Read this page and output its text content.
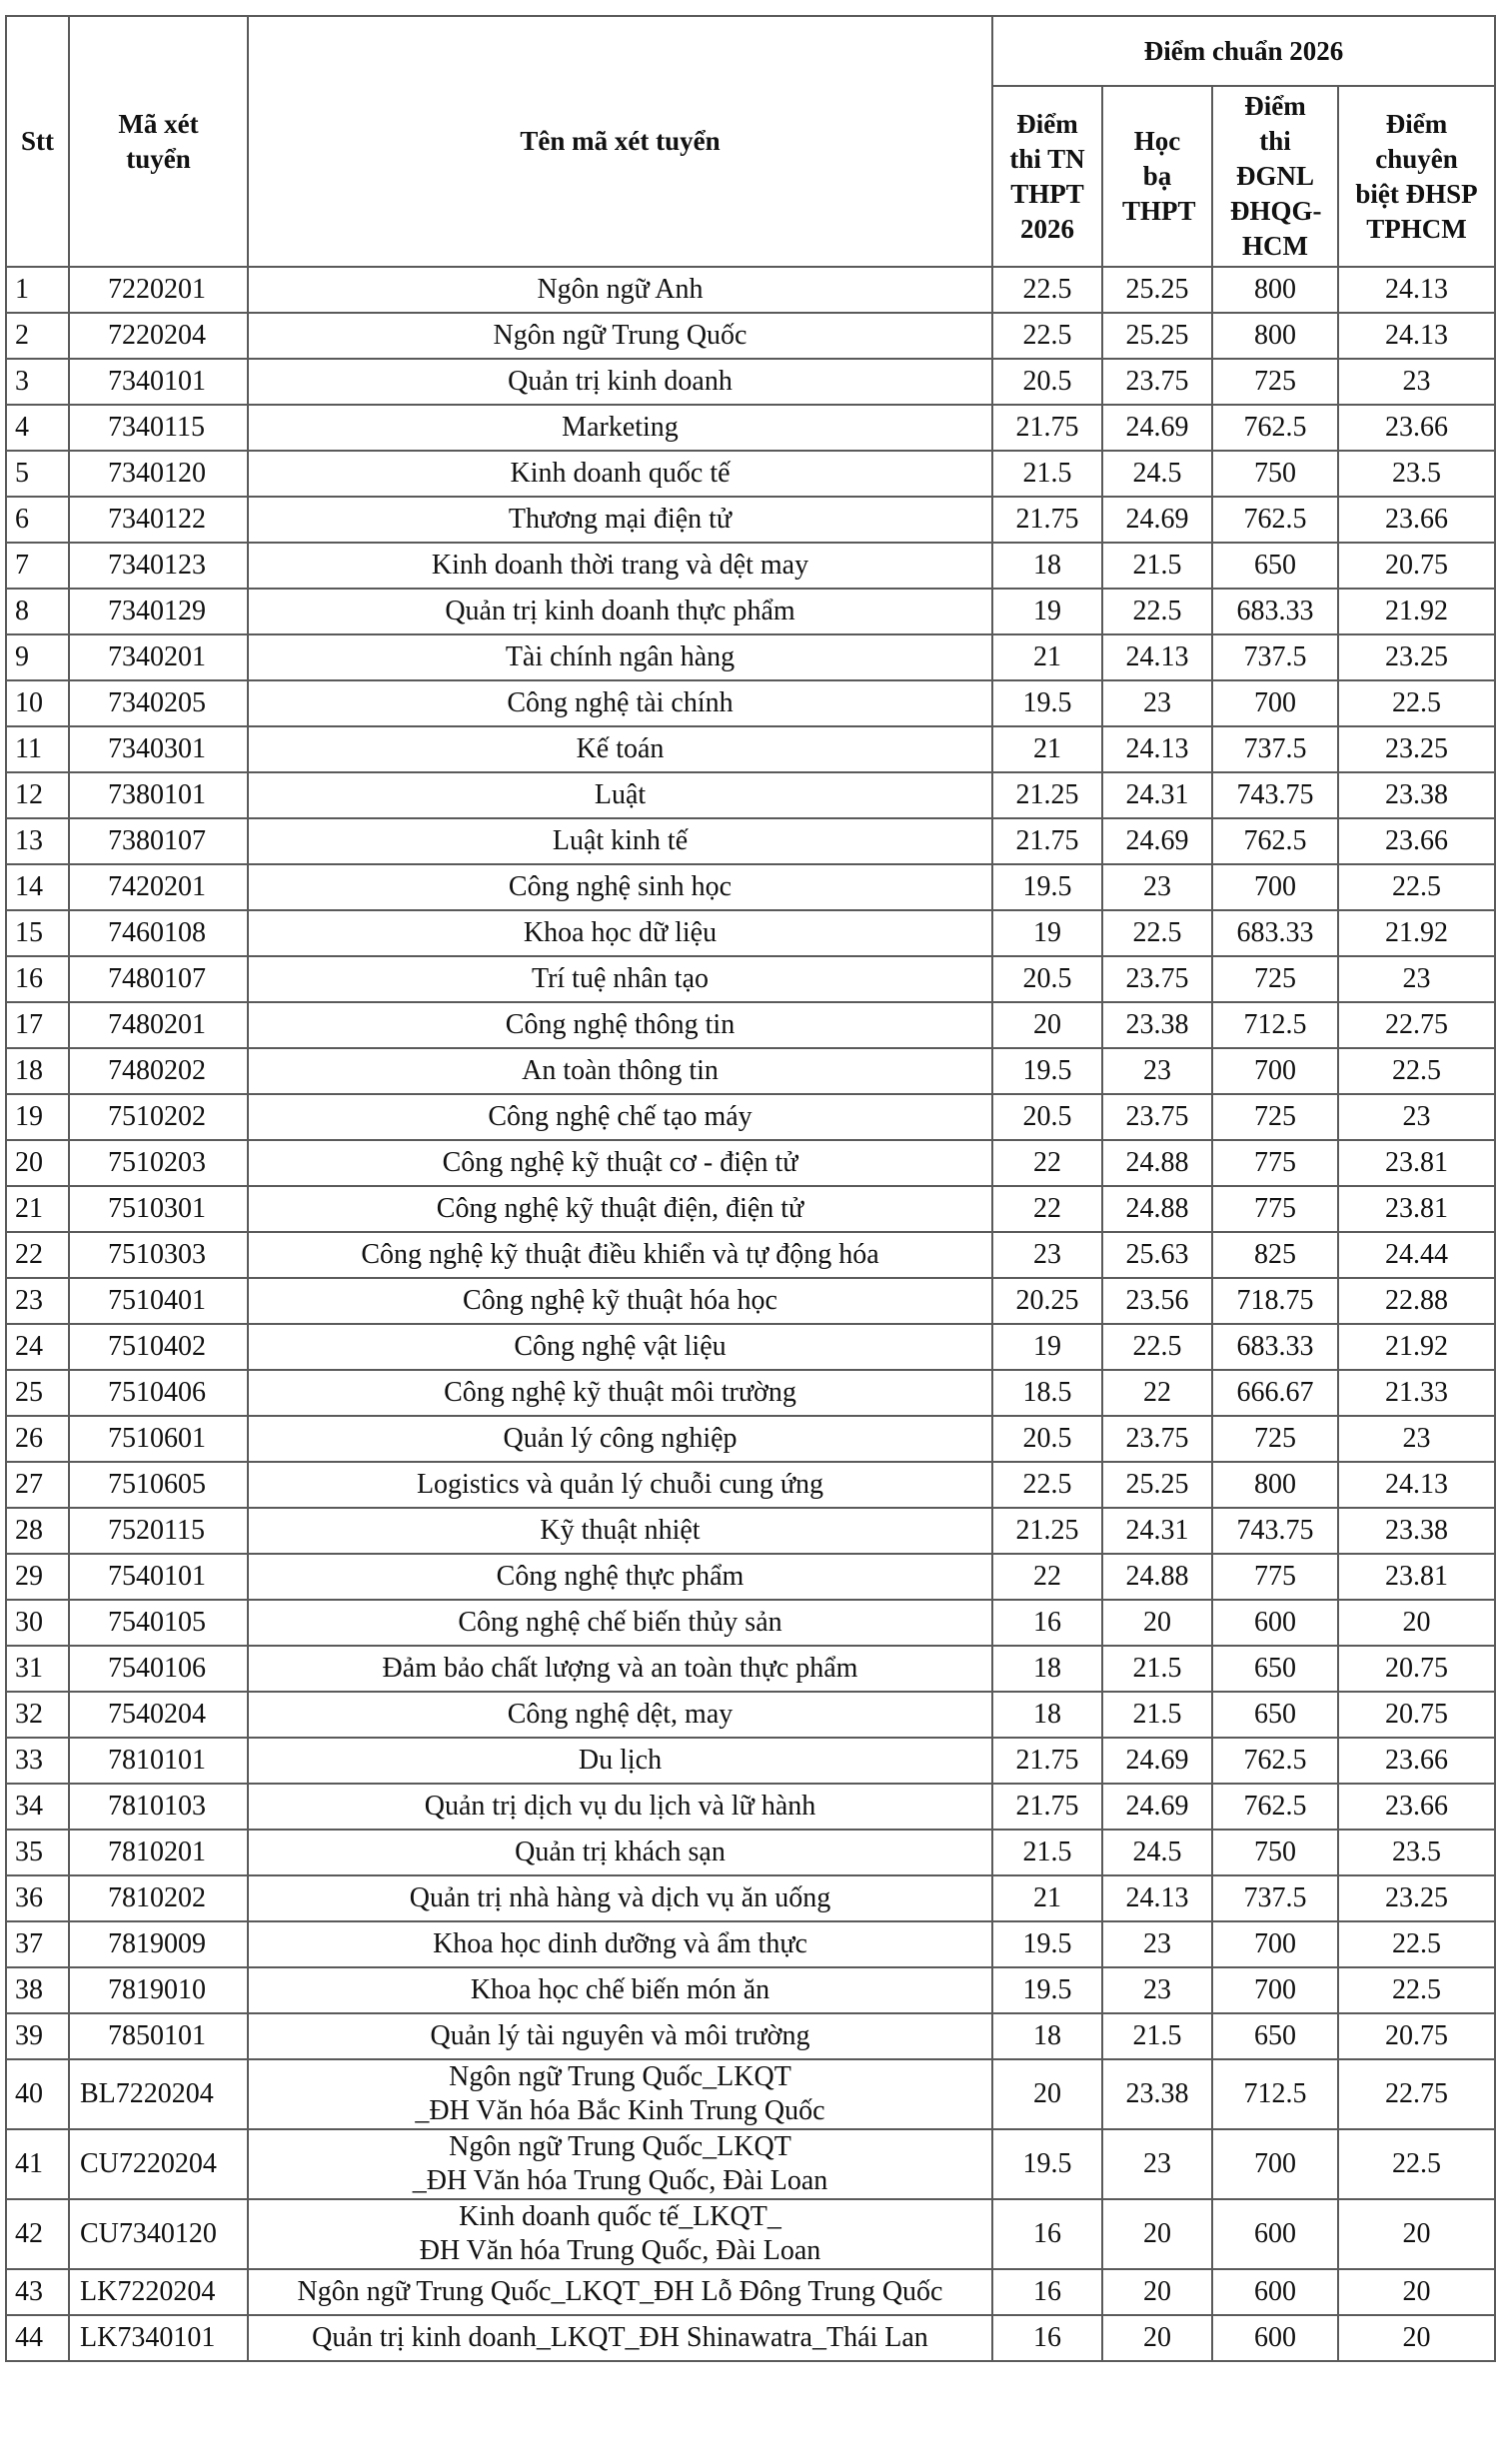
Stt	Mã xét tuyển	Tên mã xét tuyển	Điểm chuẩn 2026			
			Điểm thi TN THPT 2026	Học bạ THPT	Điểm thi ĐGNL ĐHQG-HCM	Điểm chuyên biệt ĐHSP TPHCM
1	7220201	Ngôn ngữ Anh	22.5	25.25	800	24.13
2	7220204	Ngôn ngữ Trung Quốc	22.5	25.25	800	24.13
3	7340101	Quản trị kinh doanh	20.5	23.75	725	23
4	7340115	Marketing	21.75	24.69	762.5	23.66
5	7340120	Kinh doanh quốc tế	21.5	24.5	750	23.5
6	7340122	Thương mại điện tử	21.75	24.69	762.5	23.66
7	7340123	Kinh doanh thời trang và dệt may	18	21.5	650	20.75
8	7340129	Quản trị kinh doanh thực phẩm	19	22.5	683.33	21.92
9	7340201	Tài chính ngân hàng	21	24.13	737.5	23.25
10	7340205	Công nghệ tài chính	19.5	23	700	22.5
11	7340301	Kế toán	21	24.13	737.5	23.25
12	7380101	Luật	21.25	24.31	743.75	23.38
13	7380107	Luật kinh tế	21.75	24.69	762.5	23.66
14	7420201	Công nghệ sinh học	19.5	23	700	22.5
15	7460108	Khoa học dữ liệu	19	22.5	683.33	21.92
16	7480107	Trí tuệ nhân tạo	20.5	23.75	725	23
17	7480201	Công nghệ thông tin	20	23.38	712.5	22.75
18	7480202	An toàn thông tin	19.5	23	700	22.5
19	7510202	Công nghệ chế tạo máy	20.5	23.75	725	23
20	7510203	Công nghệ kỹ thuật cơ - điện tử	22	24.88	775	23.81
21	7510301	Công nghệ kỹ thuật điện, điện tử	22	24.88	775	23.81
22	7510303	Công nghệ kỹ thuật điều khiển và tự động hóa	23	25.63	825	24.44
23	7510401	Công nghệ kỹ thuật hóa học	20.25	23.56	718.75	22.88
24	7510402	Công nghệ vật liệu	19	22.5	683.33	21.92
25	7510406	Công nghệ kỹ thuật môi trường	18.5	22	666.67	21.33
26	7510601	Quản lý công nghiệp	20.5	23.75	725	23
27	7510605	Logistics và quản lý chuỗi cung ứng	22.5	25.25	800	24.13
28	7520115	Kỹ thuật nhiệt	21.25	24.31	743.75	23.38
29	7540101	Công nghệ thực phẩm	22	24.88	775	23.81
30	7540105	Công nghệ chế biến thủy sản	16	20	600	20
31	7540106	Đảm bảo chất lượng và an toàn thực phẩm	18	21.5	650	20.75
32	7540204	Công nghệ dệt, may	18	21.5	650	20.75
33	7810101	Du lịch	21.75	24.69	762.5	23.66
34	7810103	Quản trị dịch vụ du lịch và lữ hành	21.75	24.69	762.5	23.66
35	7810201	Quản trị khách sạn	21.5	24.5	750	23.5
36	7810202	Quản trị nhà hàng và dịch vụ ăn uống	21	24.13	737.5	23.25
37	7819009	Khoa học dinh dưỡng và ẩm thực	19.5	23	700	22.5
38	7819010	Khoa học chế biến món ăn	19.5	23	700	22.5
39	7850101	Quản lý tài nguyên và môi trường	18	21.5	650	20.75
40	BL7220204	Ngôn ngữ Trung Quốc_LKQT
_ĐH Văn hóa Bắc Kinh Trung Quốc	20	23.38	712.5	22.75
41	CU7220204	Ngôn ngữ Trung Quốc_LKQT
_ĐH Văn hóa Trung Quốc, Đài Loan	19.5	23	700	22.5
42	CU7340120	Kinh doanh quốc tế_LKQT_
ĐH Văn hóa Trung Quốc, Đài Loan	16	20	600	20
43	LK7220204	Ngôn ngữ Trung Quốc_LKQT_ĐH Lỗ Đông Trung Quốc	16	20	600	20
44	LK7340101	Quản trị kinh doanh_LKQT_ĐH Shinawatra_Thái Lan	16	20	600	20
